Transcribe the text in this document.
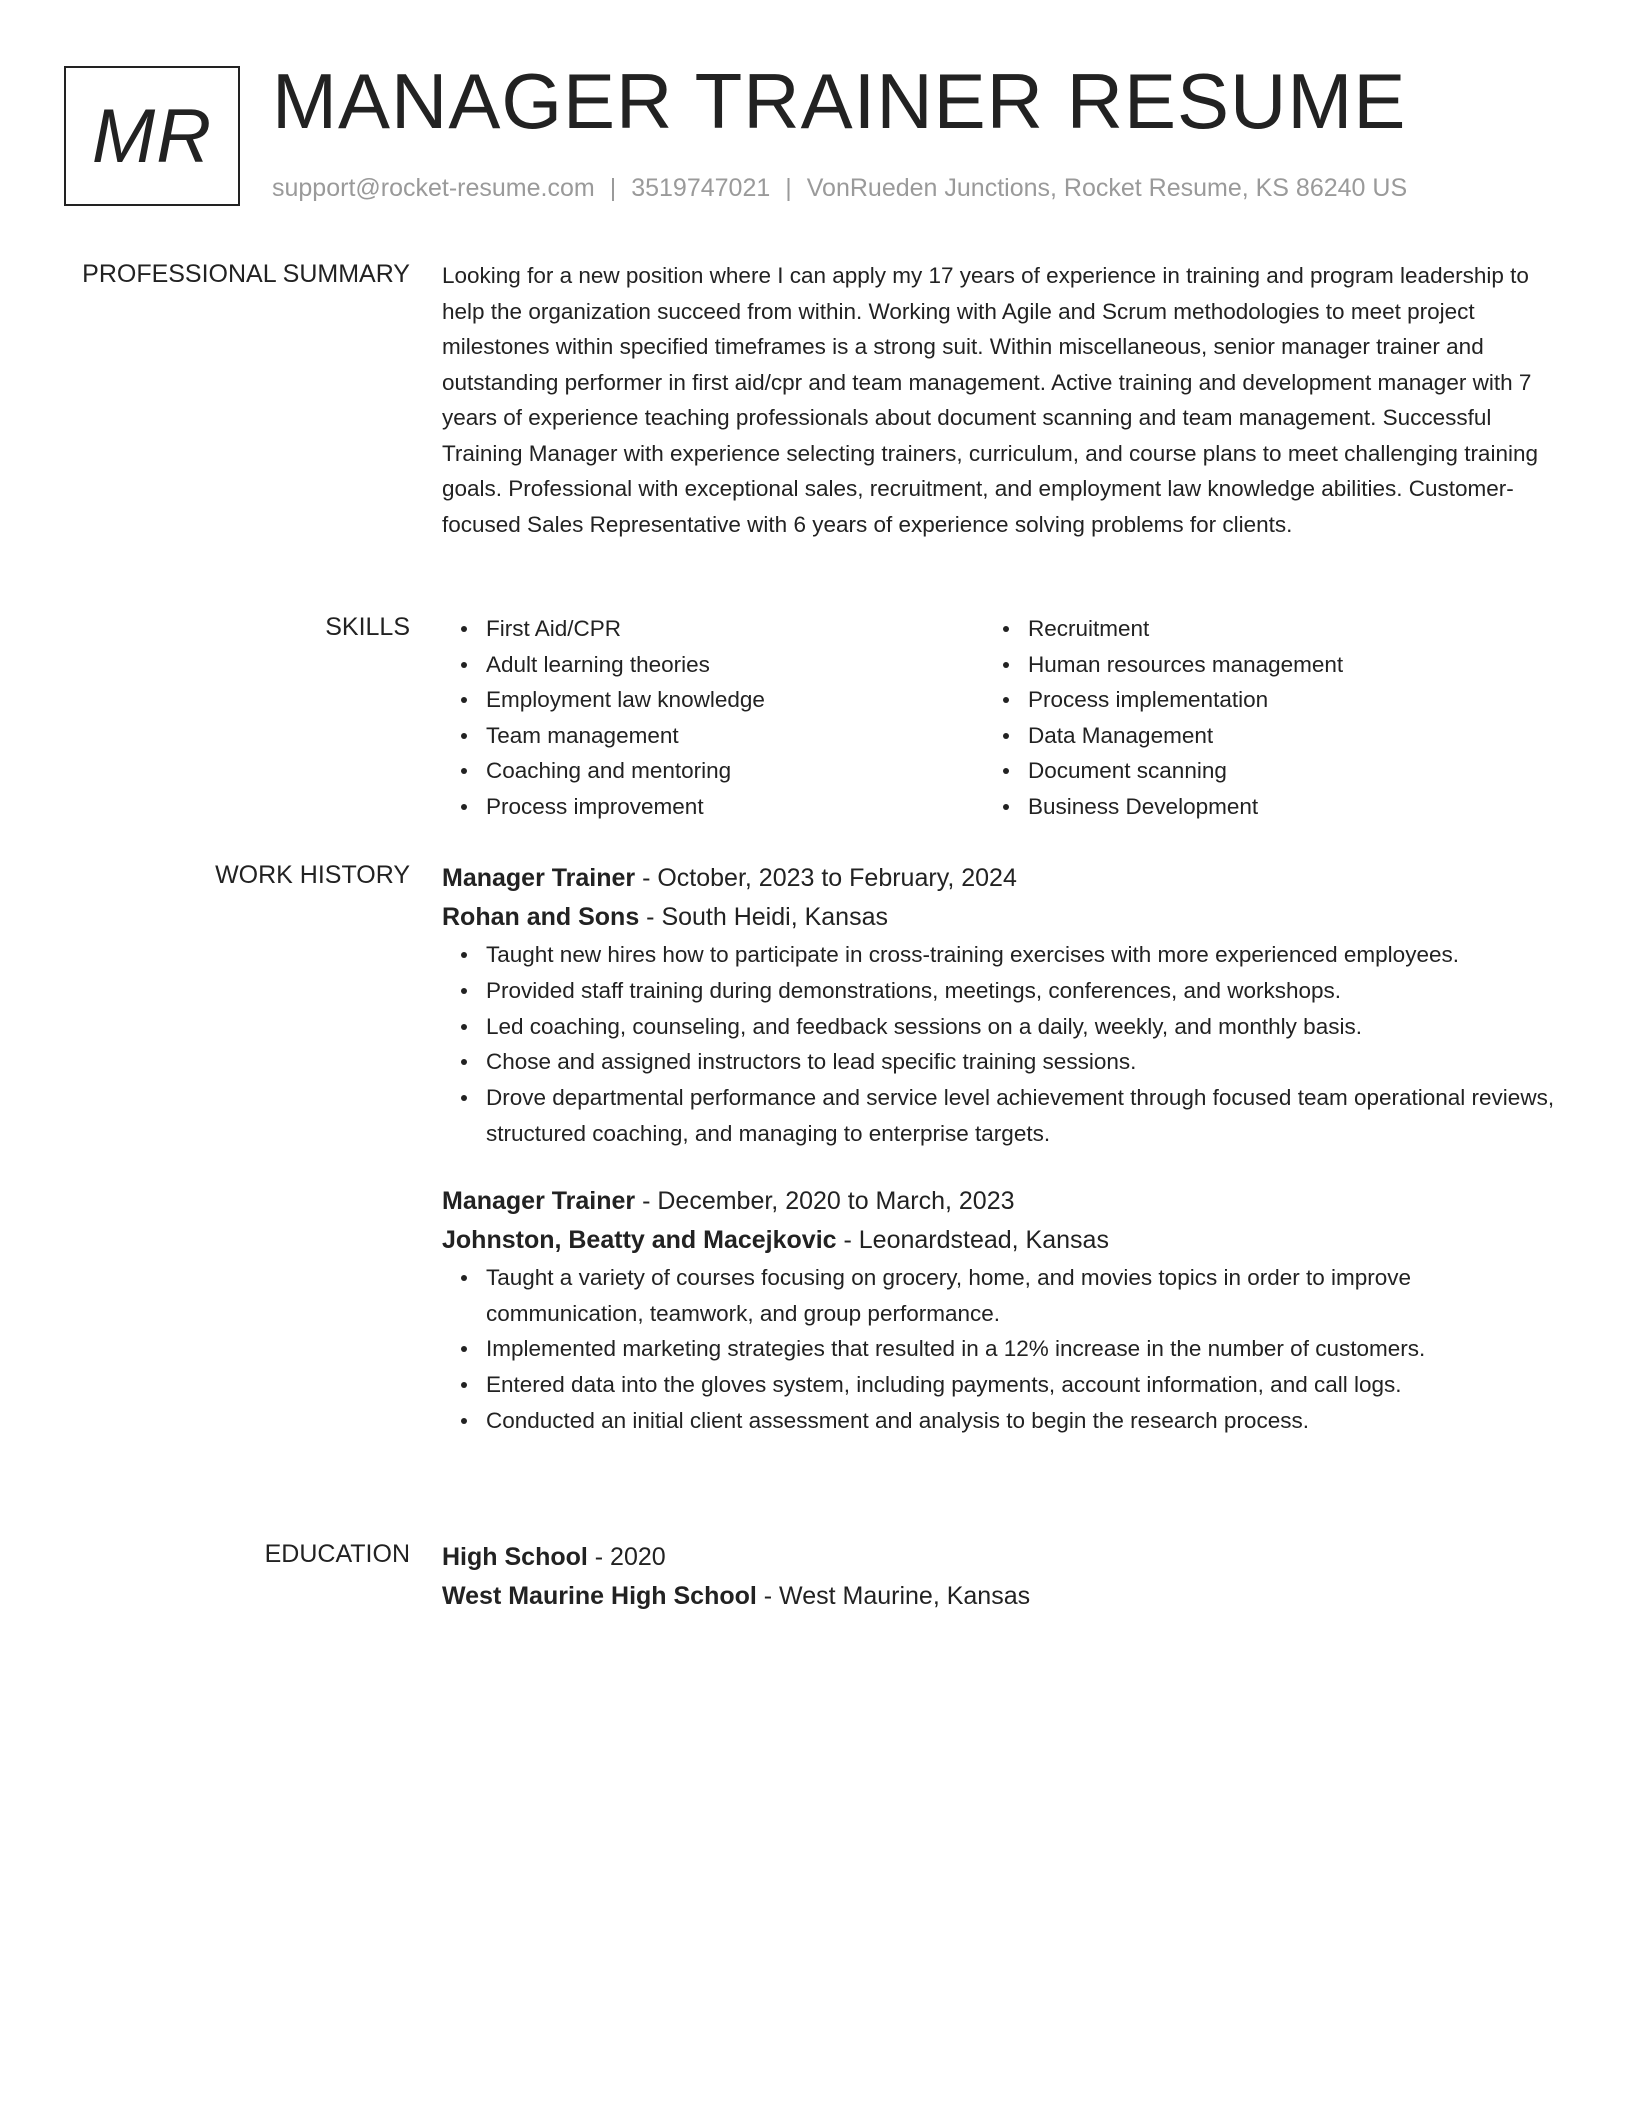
MR MANAGER TRAINER RESUME
support@rocket-resume.com | 3519747021 | VonRueden Junctions, Rocket Resume, KS 86240 US
PROFESSIONAL SUMMARY Looking for a new position where I can apply my 17 years of experience in training and program leadership to help the organization succeed from within. Working with Agile and Scrum methodologies to meet project milestones within specified timeframes is a strong suit. Within miscellaneous, senior manager trainer and outstanding performer in first aid/cpr and team management. Active training and development manager with 7 years of experience teaching professionals about document scanning and team management. Successful Training Manager with experience selecting trainers, curriculum, and course plans to meet challenging training goals. Professional with exceptional sales, recruitment, and employment law knowledge abilities. Customer-focused Sales Representative with 6 years of experience solving problems for clients.

SKILLS	First Aid/CPR
Adult learning theories
Employment law knowledge
Team management
Coaching and mentoring
Process improvement
Recruitment
Human resources management
Process implementation
Data Management
Document scanning
Business Development
WORK HISTORY Manager Trainer - October, 2023 to February, 2024
Rohan and Sons - South Heidi, Kansas
Taught new hires how to participate in cross-training exercises with more experienced employees.
Provided staff training during demonstrations, meetings, conferences, and workshops.
Led coaching, counseling, and feedback sessions on a daily, weekly, and monthly basis.
Chose and assigned instructors to lead specific training sessions.
Drove departmental performance and service level achievement through focused team operational reviews, structured coaching, and managing to enterprise targets.
Manager Trainer - December, 2020 to March, 2023
Johnston, Beatty and Macejkovic - Leonardstead, Kansas
Taught a variety of courses focusing on grocery, home, and movies topics in order to improve communication, teamwork, and group performance.
Implemented marketing strategies that resulted in a 12% increase in the number of customers.
Entered data into the gloves system, including payments, account information, and call logs.
Conducted an initial client assessment and analysis to begin the research process.
EDUCATION High School - 2020
West Maurine High School - West Maurine, Kansas
